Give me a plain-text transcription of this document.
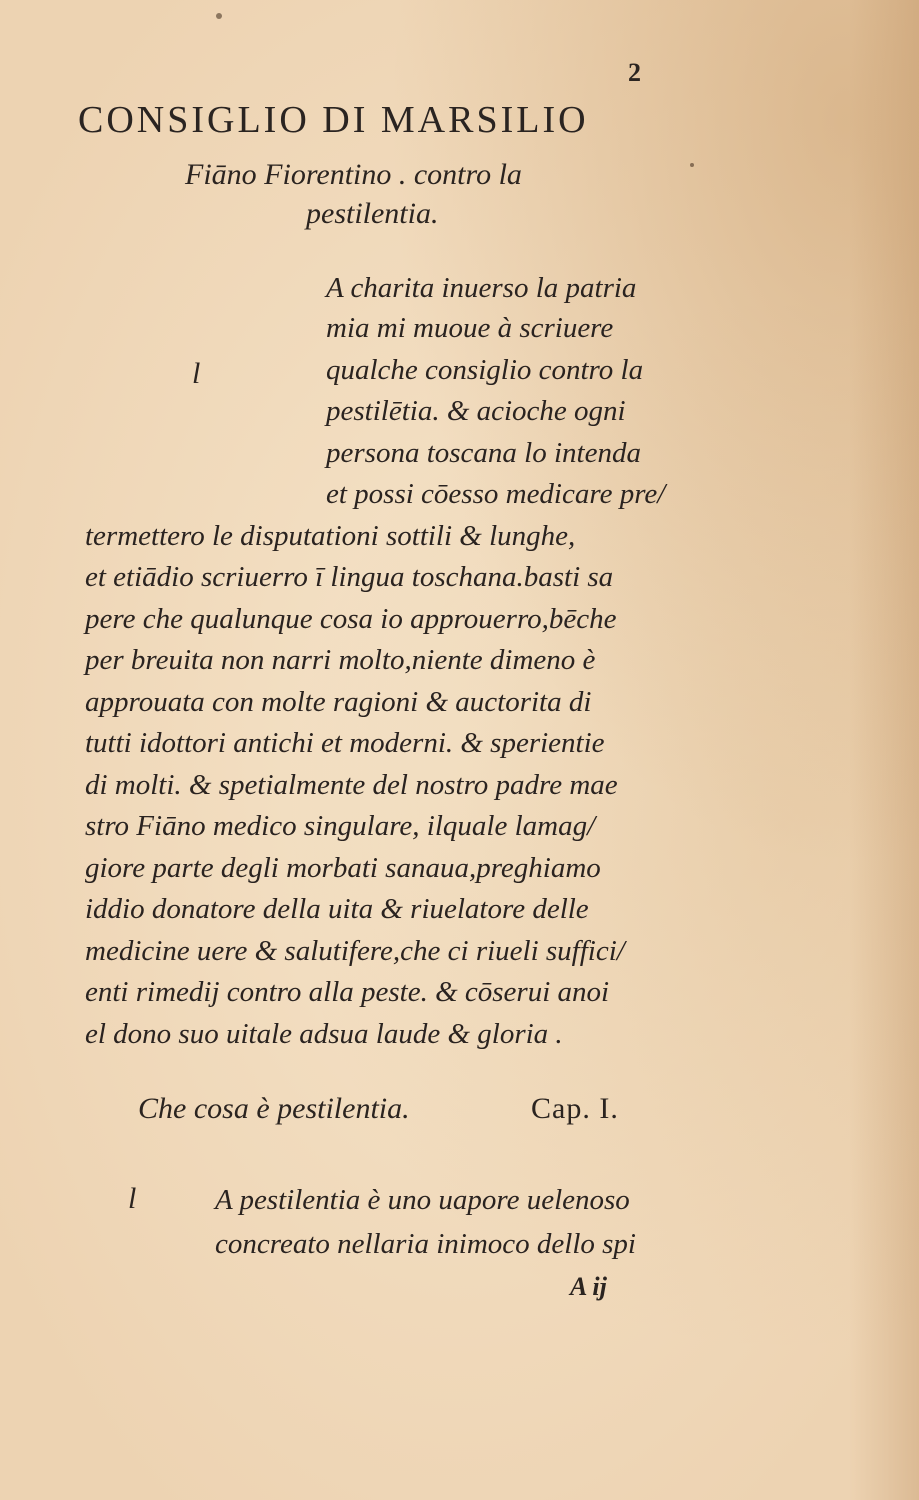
2
CONSIGLIO DI MARSILIO
Fiāno Fiorentino . contro la
pestilentia.
l
A charita inuerso la patria
mia mi muoue à scriuere
qualche consiglio contro la
pestilētia. & acioche ogni
persona toscana lo intenda
et possi cōesso medicare pre/
termettero le disputationi sottili & lunghe,
et etiādio scriuerro ī lingua toschana.basti sa
pere che qualunque cosa io approuerro,bēche
per breuita non narri molto,niente dimeno è
approuata con molte ragioni & auctorita di
tutti idottori antichi et moderni. & sperientie
di molti. & spetialmente del nostro padre mae
stro Fiāno medico singulare, ilquale lamag/
giore parte degli morbati sanaua,preghiamo
iddio donatore della uita & riuelatore delle
medicine uere & salutifere,che ci riueli suffici/
enti rimedij contro alla peste. & cōserui anoi
el dono suo uitale adsua laude & gloria .
Che cosa è pestilentia.	Cap. I.
l	A pestilentia è uno uapore uelenoso
concreato nellaria inimoco dello spi
A ij
